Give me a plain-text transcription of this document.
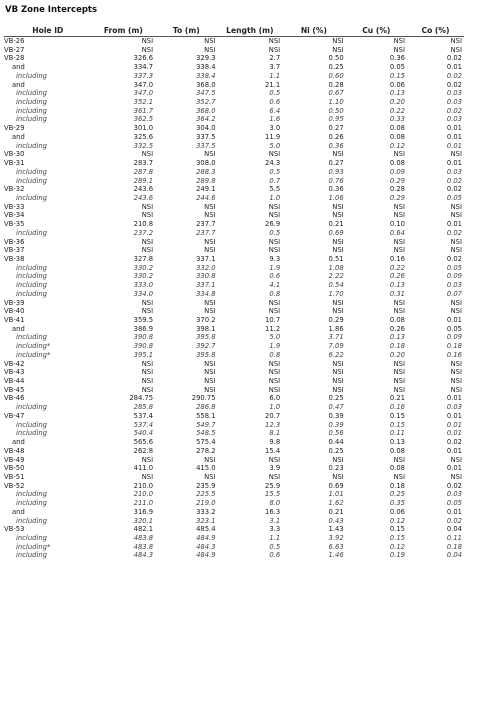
VB Zone Intercepts
Hole ID	From (m)	To (m)	Length (m)	Ni (%)	Cu (%)	Co (%)
VB-26	NSI	NSI	NSI	NSI	NSI	NSI
VB-27	NSI	NSI	NSI	NSI	NSI	NSI
VB-28	326.6	329.3	2.7	0.50	0.36	0.02
and	334.7	338.4	3.7	0.25	0.05	0.01
including	337.3	338.4	1.1	0.60	0.15	0.02
and	347.0	368.0	21.1	0.28	0.06	0.02
including	347.0	347.5	0.5	0.67	0.13	0.03
including	352.1	352.7	0.6	1.10	0.20	0.03
including	361.7	368.0	6.4	0.50	0.22	0.02
including	362.5	364.2	1.6	0.95	0.33	0.03
VB-29	301.0	304.0	3.0	0.27	0.08	0.01
and	325.6	337.5	11.9	0.26	0.08	0.01
including	332.5	337.5	5.0	0.36	0.12	0.01
VB-30	NSI	NSI	NSI	NSI	NSI	NSI
VB-31	283.7	308.0	24.3	0.27	0.08	0.01
including	287.8	288.3	0.5	0.93	0.09	0.03
including	289.1	289.8	0.7	0.76	0.29	0.02
VB-32	243.6	249.1	5.5	0.36	0.28	0.02
including	243.6	244.6	1.0	1.06	0.29	0.05
VB-33	NSI	NSI	NSI	NSI	NSI	NSI
VB-34	NSI	NSI	NSI	NSI	NSI	NSI
VB-35	210.8	237.7	26.9	0.21	0.10	0.01
including	237.2	237.7	0.5	0.69	0.64	0.02
VB-36	NSI	NSI	NSI	NSI	NSI	NSI
VB-37	NSI	NSI	NSI	NSI	NSI	NSI
VB-38	327.8	337.1	9.3	0.51	0.16	0.02
including	330.2	332.0	1.9	1.08	0.22	0.05
including	330.2	330.8	0.6	2.22	0.26	0.09
including	333.0	337.1	4.1	0.54	0.13	0.03
including	334.0	334.8	0.8	1.70	0.31	0.07
VB-39	NSI	NSI	NSI	NSI	NSI	NSI
VB-40	NSI	NSI	NSI	NSI	NSI	NSI
VB-41	359.5	370.2	10.7	0.29	0.08	0.01
and	386.9	398.1	11.2	1.86	0.26	0.05
including	390.8	395.8	5.0	3.71	0.13	0.09
including*	390.8	392.7	1.9	7.09	0.18	0.18
including*	395.1	395.8	0.8	6.22	0.20	0.16
VB-42	NSI	NSI	NSI	NSI	NSI	NSI
VB-43	NSI	NSI	NSI	NSI	NSI	NSI
VB-44	NSI	NSI	NSI	NSI	NSI	NSI
VB-45	NSI	NSI	NSI	NSI	NSI	NSI
VB-46	284.75	290.75	6.0	0.25	0.21	0.01
including	285.8	286.8	1.0	0.47	0.16	0.03
VB-47	537.4	558.1	20.7	0.39	0.15	0.01
including	537.4	549.7	12.3	0.39	0.15	0.01
including	540.4	548.5	8.1	0.56	0.11	0.01
and	565.6	575.4	9.8	0.44	0.13	0.02
VB-48	262.8	278.2	15.4	0.25	0.08	0.01
VB-49	NSI	NSI	NSI	NSI	NSI	NSI
VB-50	411.0	415.0	3.9	0.23	0.08	0.01
VB-51	NSI	NSI	NSI	NSI	NSI	NSI
VB-52	210.0	235.9	25.9	0.69	0.18	0.02
including	210.0	225.5	15.5	1.01	0.25	0.03
including	211.0	219.0	8.0	1.62	0.35	0.05
and	316.9	333.2	16.3	0.21	0.06	0.01
including	320.1	323.1	3.1	0.43	0.12	0.02
VB-53	482.1	485.4	3.3	1.43	0.15	0.04
including	483.8	484.9	1.1	3.92	0.15	0.11
including*	483.8	484.3	0.5	6.63	0.12	0.18
including	484.3	484.9	0.6	1.46	0.19	0.04
